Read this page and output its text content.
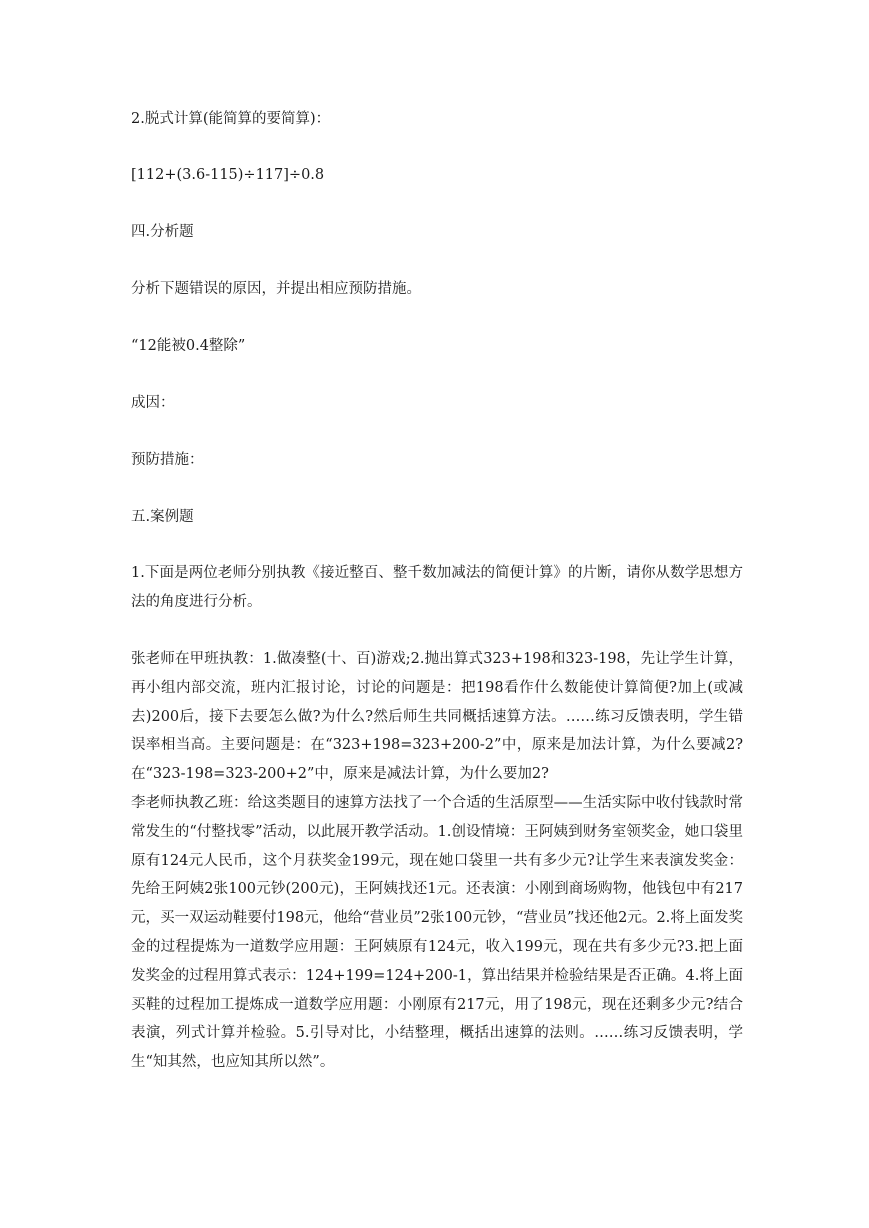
2.脱式计算(能简算的要简算)：
[112+(3.6-115)÷117]÷0.8
四.分析题
分析下题错误的原因，并提出相应预防措施。
“12能被0.4整除”
成因：
预防措施：
五.案例题
1.下面是两位老师分别执教《接近整百、整千数加减法的简便计算》的片断，请你从数学思想方法的角度进行分析。
张老师在甲班执教：1.做凑整(十、百)游戏;2.抛出算式323+198和323-198，先让学生计算，再小组内部交流，班内汇报讨论，讨论的问题是：把198看作什么数能使计算简便?加上(或减去)200后，接下去要怎么做?为什么?然后师生共同概括速算方法。……练习反馈表明，学生错误率相当高。主要问题是：在“323+198=323+200-2”中，原来是加法计算，为什么要减2?在“323-198=323-200+2”中，原来是减法计算，为什么要加2?
李老师执教乙班：给这类题目的速算方法找了一个合适的生活原型——生活实际中收付钱款时常常发生的“付整找零”活动，以此展开教学活动。1.创设情境：王阿姨到财务室领奖金，她口袋里原有124元人民币，这个月获奖金199元，现在她口袋里一共有多少元?让学生来表演发奖金：先给王阿姨2张100元钞(200元)，王阿姨找还1元。还表演：小刚到商场购物，他钱包中有217元，买一双运动鞋要付198元，他给“营业员”2张100元钞，“营业员”找还他2元。2.将上面发奖金的过程提炼为一道数学应用题：王阿姨原有124元，收入199元，现在共有多少元?3.把上面发奖金的过程用算式表示：124+199=124+200-1，算出结果并检验结果是否正确。4.将上面买鞋的过程加工提炼成一道数学应用题：小刚原有217元，用了198元，现在还剩多少元?结合表演，列式计算并检验。5.引导对比，小结整理，概括出速算的法则。……练习反馈表明，学生“知其然，也应知其所以然”。
